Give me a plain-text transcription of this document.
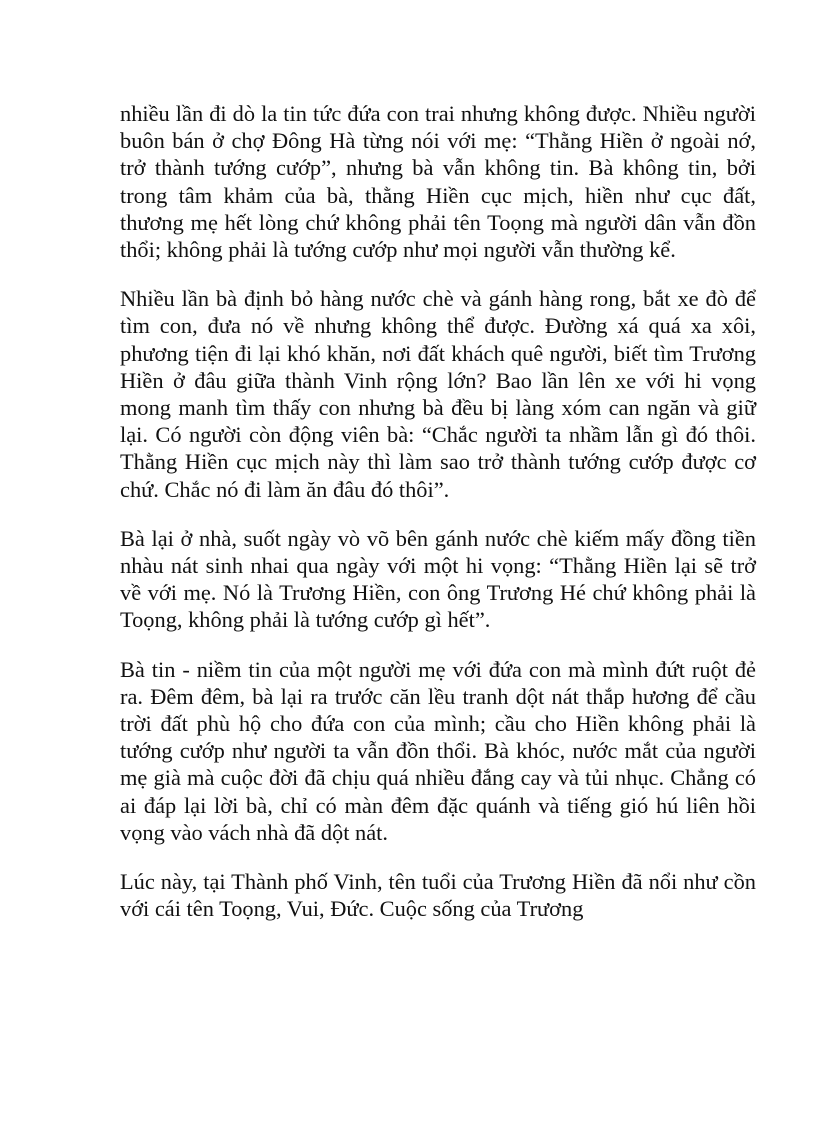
nhiều lần đi dò la tin tức đứa con trai nhưng không được. Nhiều người buôn bán ở chợ Đông Hà từng nói với mẹ: “Thằng Hiền ở ngoài nớ, trở thành tướng cướp”, nhưng bà vẫn không tin. Bà không tin, bởi trong tâm khảm của bà, thằng Hiền cục mịch, hiền như cục đất, thương mẹ hết lòng chứ không phải tên Toọng mà người dân vẫn đồn thổi; không phải là tướng cướp như mọi người vẫn thường kể.

Nhiều lần bà định bỏ hàng nước chè và gánh hàng rong, bắt xe đò để tìm con, đưa nó về nhưng không thể được. Đường xá quá xa xôi, phương tiện đi lại khó khăn, nơi đất khách quê người, biết tìm Trương Hiền ở đâu giữa thành Vinh rộng lớn? Bao lần lên xe với hi vọng mong manh tìm thấy con nhưng bà đều bị làng xóm can ngăn và giữ lại. Có người còn động viên bà: “Chắc người ta nhầm lẫn gì đó thôi. Thằng Hiền cục mịch này thì làm sao trở thành tướng cướp được cơ chứ. Chắc nó đi làm ăn đâu đó thôi”.

Bà lại ở nhà, suốt ngày vò võ bên gánh nước chè kiếm mấy đồng tiền nhàu nát sinh nhai qua ngày với một hi vọng: “Thằng Hiền lại sẽ trở về với mẹ. Nó là Trương Hiền, con ông Trương Hé chứ không phải là Toọng, không phải là tướng cướp gì hết”.

Bà tin - niềm tin của một người mẹ với đứa con mà mình đứt ruột đẻ ra. Đêm đêm, bà lại ra trước căn lều tranh dột nát thắp hương để cầu trời đất phù hộ cho đứa con của mình; cầu cho Hiền không phải là tướng cướp như người ta vẫn đồn thổi. Bà khóc, nước mắt của người mẹ già mà cuộc đời đã chịu quá nhiều đắng cay và tủi nhục. Chẳng có ai đáp lại lời bà, chỉ có màn đêm đặc quánh và tiếng gió hú liên hồi vọng vào vách nhà đã dột nát.

Lúc này, tại Thành phố Vinh, tên tuổi của Trương Hiền đã nổi như cồn với cái tên Toọng, Vui, Đức. Cuộc sống của Trương
